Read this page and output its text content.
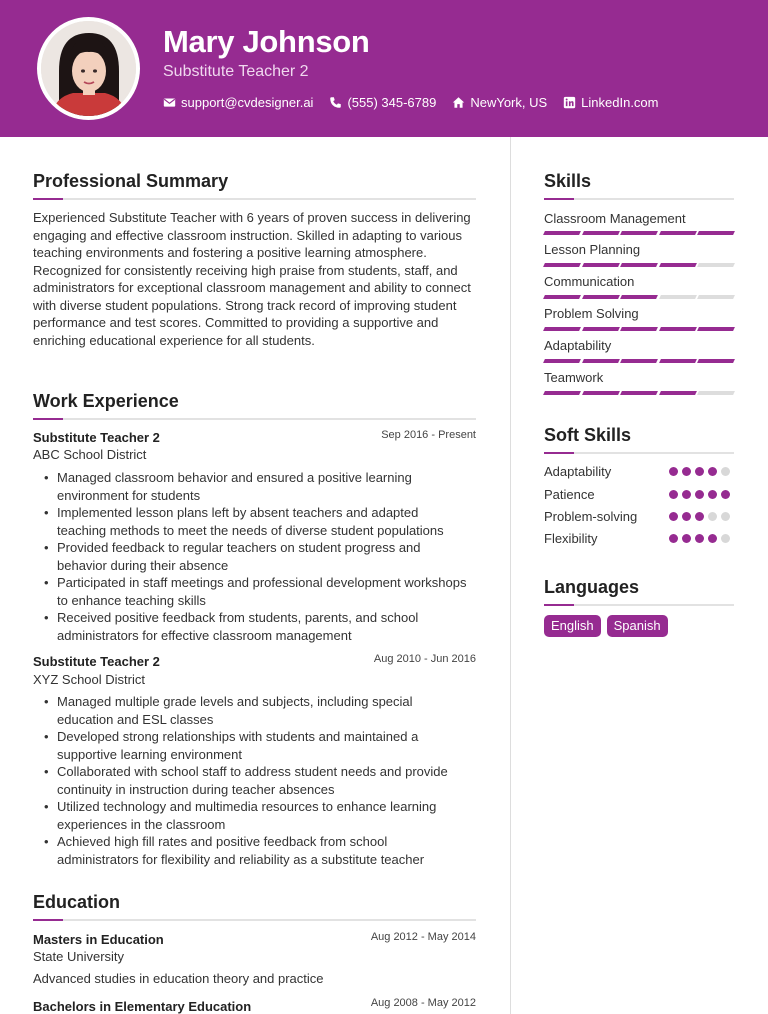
Mary Johnson
Substitute Teacher 2
support@cvdesigner.ai	(555) 345-6789	NewYork, US	LinkedIn.com
Professional Summary
Experienced Substitute Teacher with 6 years of proven success in delivering engaging and effective classroom instruction. Skilled in adapting to various teaching environments and fostering a positive learning atmosphere. Recognized for consistently receiving high praise from students, staff, and administrators for exceptional classroom management and ability to connect with diverse student populations. Strong track record of improving student performance and test scores. Committed to providing a supportive and enriching educational experience for all students.
Work Experience
Substitute Teacher 2	Sep 2016 - Present
ABC School District
• Managed classroom behavior and ensured a positive learning environment for students
• Implemented lesson plans left by absent teachers and adapted teaching methods to meet the needs of diverse student populations
• Provided feedback to regular teachers on student progress and behavior during their absence
• Participated in staff meetings and professional development workshops to enhance teaching skills
• Received positive feedback from students, parents, and school administrators for effective classroom management
Substitute Teacher 2	Aug 2010 - Jun 2016
XYZ School District
• Managed multiple grade levels and subjects, including special education and ESL classes
• Developed strong relationships with students and maintained a supportive learning environment
• Collaborated with school staff to address student needs and provide continuity in instruction during teacher absences
• Utilized technology and multimedia resources to enhance learning experiences in the classroom
• Achieved high fill rates and positive feedback from school administrators for flexibility and reliability as a substitute teacher
Education
Masters in Education	Aug 2012 - May 2014
State University
Advanced studies in education theory and practice
Bachelors in Elementary Education	Aug 2008 - May 2012
Skills
Classroom Management
Lesson Planning
Communication
Problem Solving
Adaptability
Teamwork
Soft Skills
Adaptability
Patience
Problem-solving
Flexibility
Languages
English	Spanish
